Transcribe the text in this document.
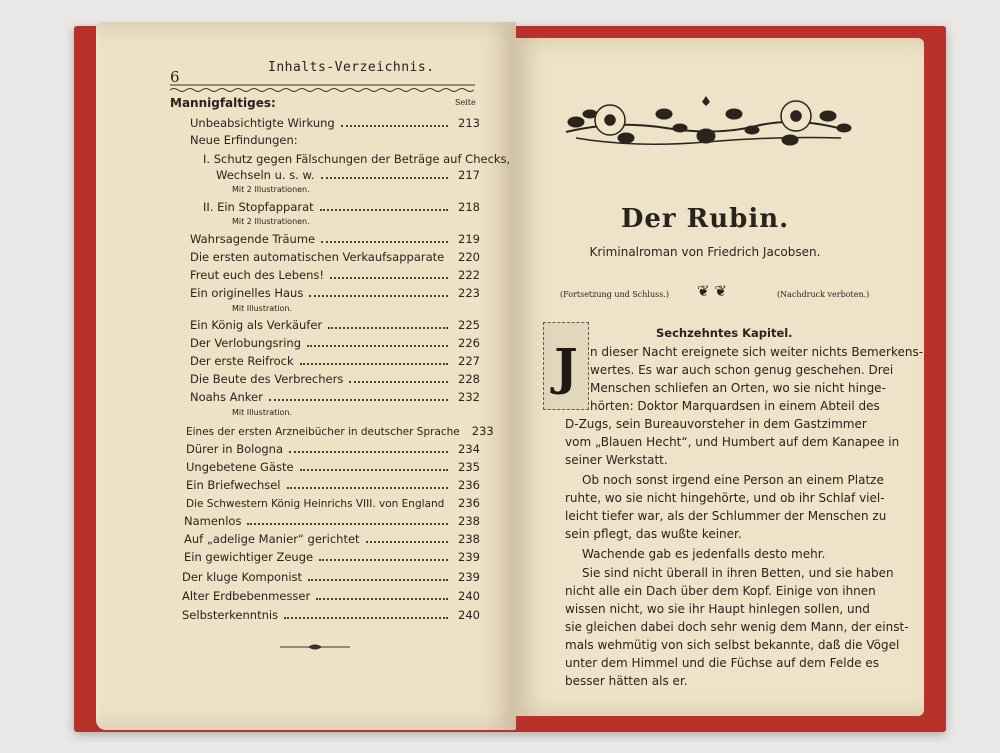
6
Inhalts-Verzeichnis.
Mannigfaltiges:	Seite
Unbeabsichtigte Wirkung	213
Neue Erfindungen:
I. Schutz gegen Fälschungen der Beträge auf Checks,
Wechseln u. s. w.	217
Mit 2 Illustrationen.
II. Ein Stopfapparat	218
Mit 2 Illustrationen.
Wahrsagende Träume	219
Die ersten automatischen Verkaufsapparate	220
Freut euch des Lebens!	222
Ein originelles Haus	223
Mit Illustration.
Ein König als Verkäufer	225
Der Verlobungsring	226
Der erste Reifrock	227
Die Beute des Verbrechers	228
Noahs Anker	232
Mit Illustration.
Eines der ersten Arzneibücher in deutscher Sprache	233
Dürer in Bologna	234
Ungebetene Gäste	235
Ein Briefwechsel	236
Die Schwestern König Heinrichs VIII. von England	236
Namenlos	238
Auf „adelige Manier“ gerichtet	238
Ein gewichtiger Zeuge	239
Der kluge Komponist	239
Alter Erdbebenmesser	240
Selbsterkenntnis	240
Der Rubin.
Kriminalroman von Friedrich Jacobsen.
(Fortsetzung und Schluss.) ❦ ❦	(Nachdruck verboten.)
Sechzehntes Kapitel.
J	n dieser Nacht ereignete sich weiter nichts Bemerkens-
wertes. Es war auch schon genug geschehen. Drei
Menschen schliefen an Orten, wo sie nicht hinge-
hörten: Doktor Marquardsen in einem Abteil des
D-Zugs, sein Bureauvorsteher in dem Gastzimmer
vom „Blauen Hecht“, und Humbert auf dem Kanapee in
seiner Werkstatt.
Ob noch sonst irgend eine Person an einem Platze
ruhte, wo sie nicht hingehörte, und ob ihr Schlaf viel-
leicht tiefer war, als der Schlummer der Menschen zu
sein pflegt, das wußte keiner.
Wachende gab es jedenfalls desto mehr.
Sie sind nicht überall in ihren Betten, und sie haben
nicht alle ein Dach über dem Kopf. Einige von ihnen
wissen nicht, wo sie ihr Haupt hinlegen sollen, und
sie gleichen dabei doch sehr wenig dem Mann, der einst-
mals wehmütig von sich selbst bekannte, daß die Vögel
unter dem Himmel und die Füchse auf dem Felde es
besser hätten als er.
